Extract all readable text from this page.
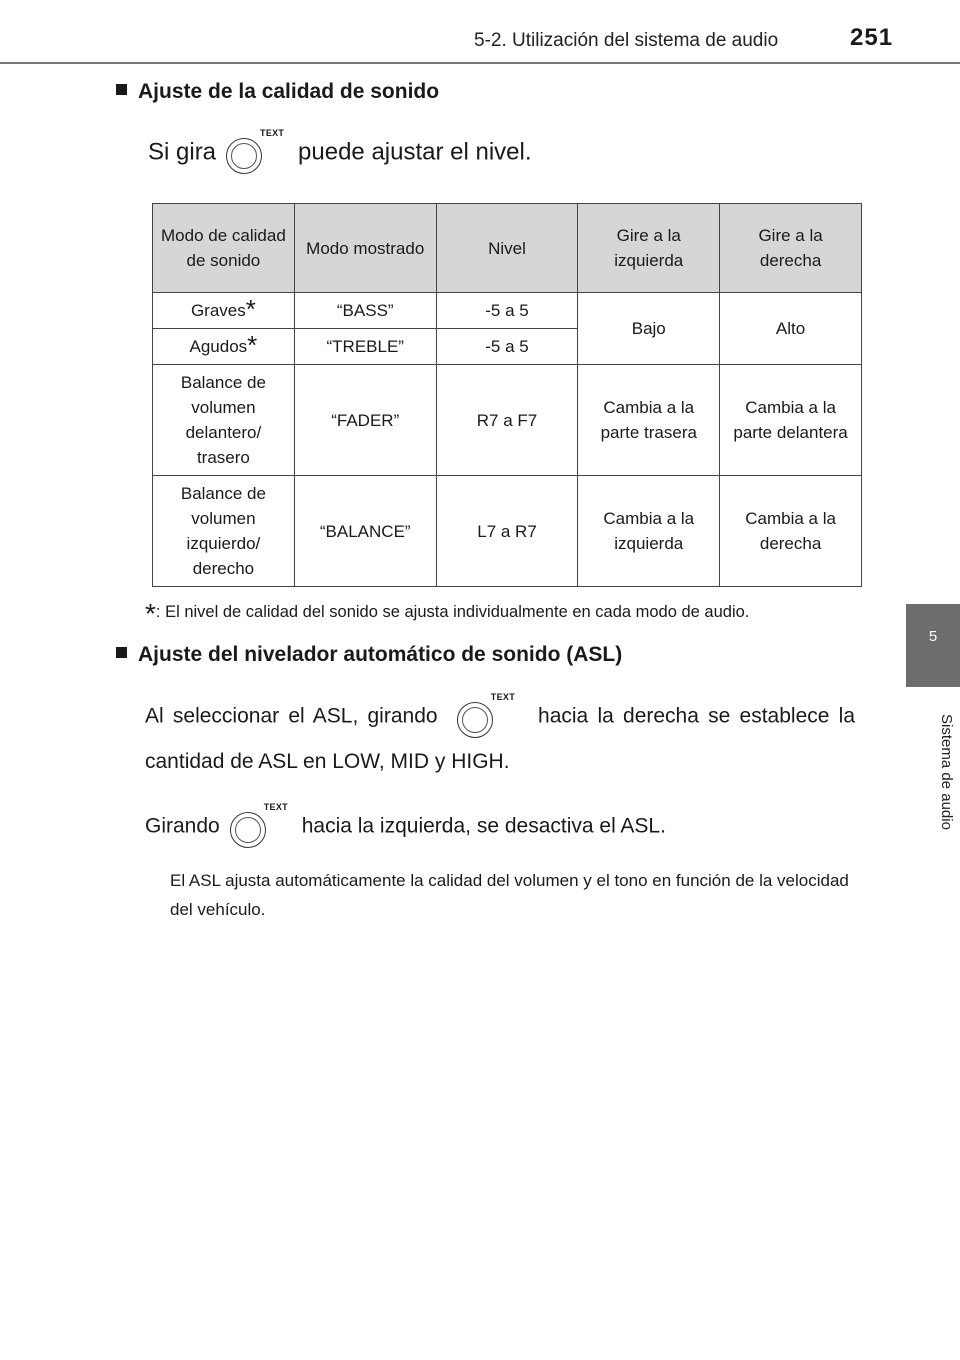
5-2. Utilización del sistema de audio	251
5
Sistema de audio
Ajuste de la calidad de sonido
Si gira
TEXT
puede ajustar el nivel.
Modo de calidad de sonido	Modo mostrado	Nivel	Gire a la izquierda	Gire a la derecha
Graves*	“BASS”	-5 a 5	Bajo	Alto
Agudos*	“TREBLE”	-5 a 5		
Balance de volumen delantero/ trasero	“FADER”	R7 a F7	Cambia a la parte trasera	Cambia a la parte delantera
Balance de volumen izquierdo/ derecho	“BALANCE”	L7 a R7	Cambia a la izquierda	Cambia a la derecha
*: El nivel de calidad del sonido se ajusta individualmente en cada modo de audio.
Ajuste del nivelador automático de sonido (ASL)
Al seleccionar el ASL, girando
TEXT
hacia la derecha se establece la
cantidad de ASL en LOW, MID y HIGH.
Girando
TEXT
hacia la izquierda, se desactiva el ASL.
El ASL ajusta automáticamente la calidad del volumen y el tono en función de la velocidad del vehículo.
